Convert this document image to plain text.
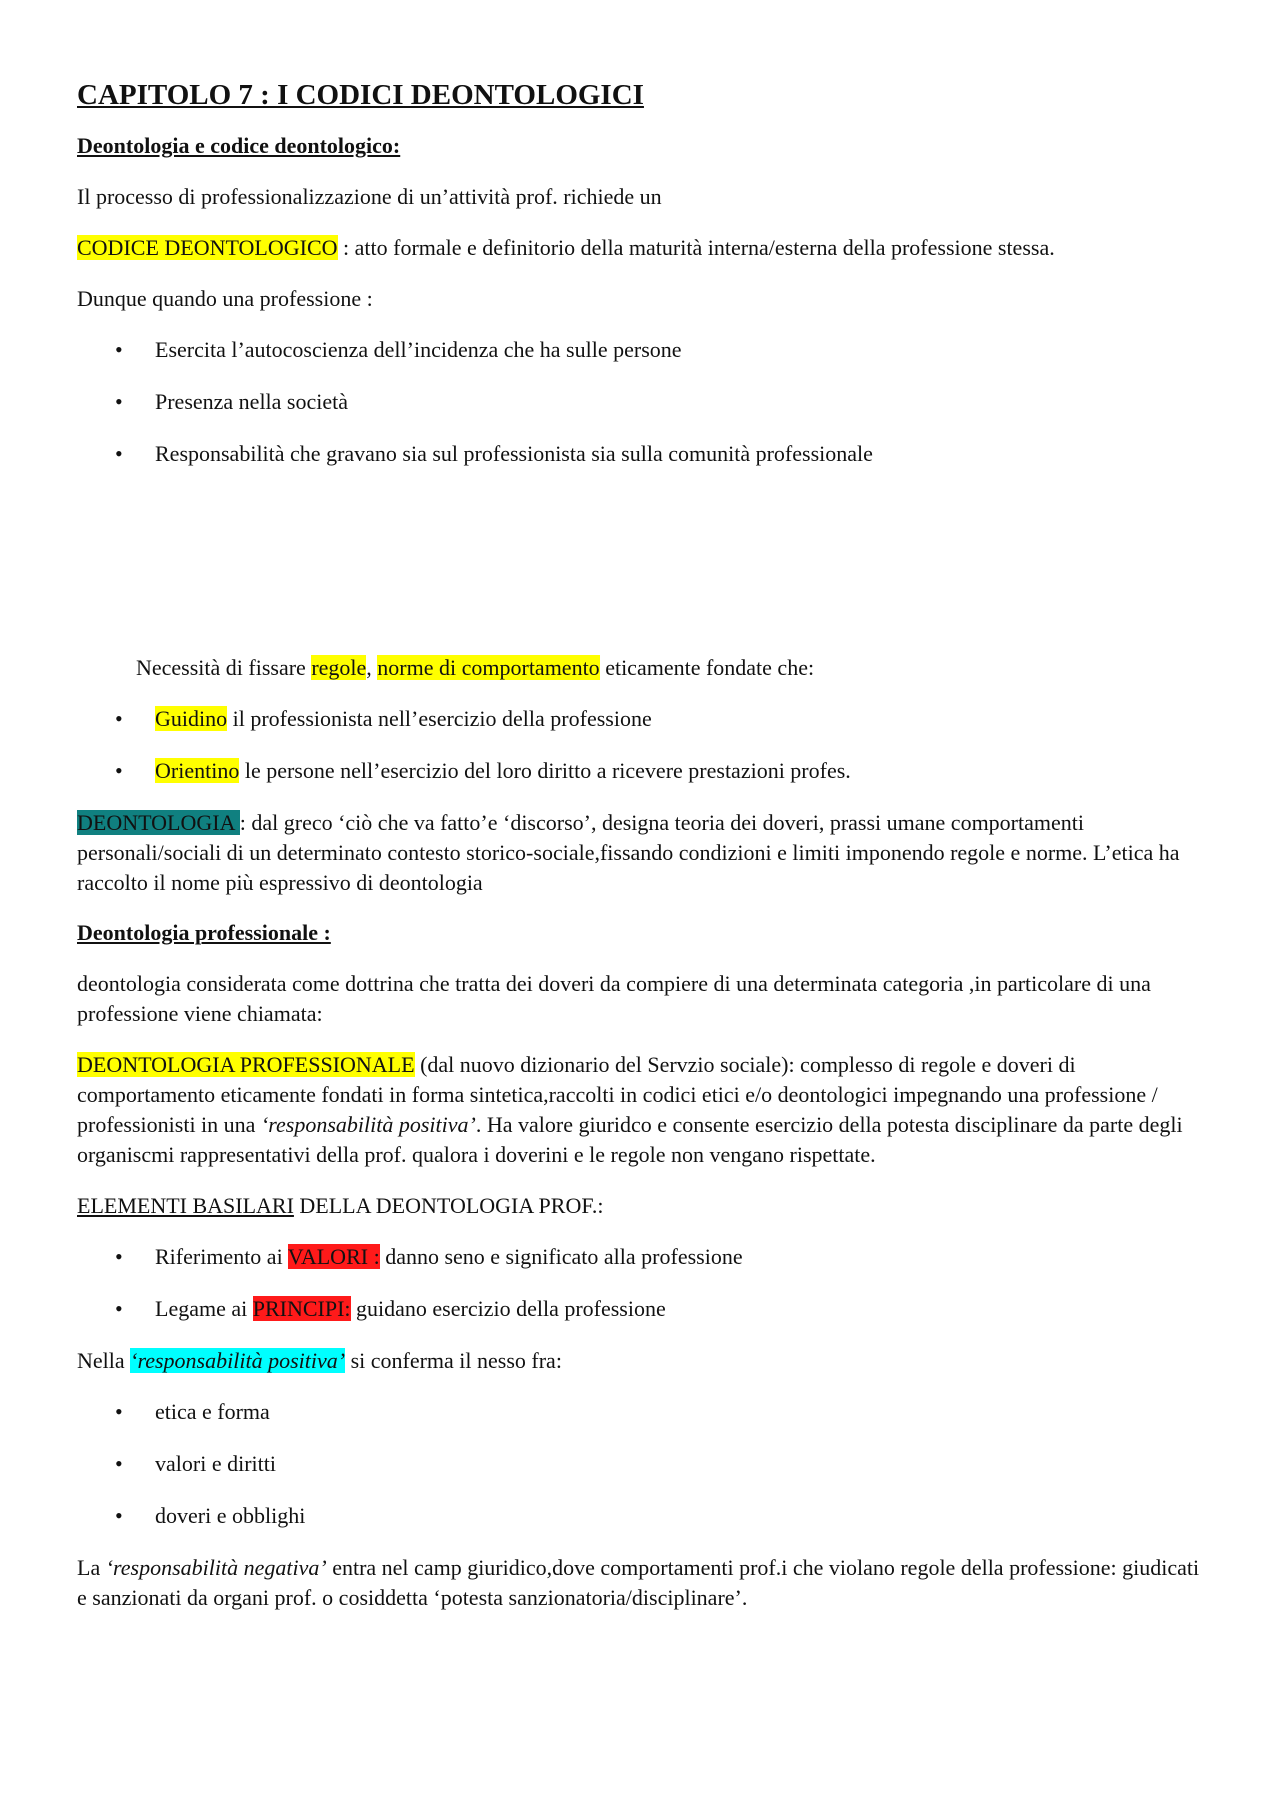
CAPITOLO 7 : I CODICI DEONTOLOGICI
Deontologia e codice deontologico:

Il processo di professionalizzazione di un’attività prof. richiede un

CODICE DEONTOLOGICO : atto formale e definitorio della maturità interna/esterna della professione stessa.

Dunque quando una professione :

• Esercita l’autocoscienza dell’incidenza che ha sulle persone
• Presenza nella società
• Responsabilità che gravano sia sul professionista sia sulla comunità professionale

Necessità di fissare regole, norme di comportamento eticamente fondate che:

• Guidino il professionista nell’esercizio della professione
• Orientino le persone nell’esercizio del loro diritto a ricevere prestazioni profes.

DEONTOLOGIA : dal greco ‘ciò che va fatto’e ‘discorso’, designa teoria dei doveri, prassi umane comportamenti personali/sociali di un determinato contesto storico-sociale,fissando condizioni e limiti imponendo regole e norme. L’etica ha raccolto il nome più espressivo di deontologia

Deontologia professionale :

deontologia considerata come dottrina che tratta dei doveri da compiere di una determinata categoria ,in particolare di una professione viene chiamata:

DEONTOLOGIA PROFESSIONALE (dal nuovo dizionario del Servzio sociale): complesso di regole e doveri di comportamento eticamente fondati in forma sintetica,raccolti in codici etici e/o deontologici impegnando una professione / professionisti in una ‘responsabilità positiva’. Ha valore giuridco e consente esercizio della potesta disciplinare da parte degli organiscmi rappresentativi della prof. qualora i doverini e le regole non vengano rispettate.

ELEMENTI BASILARI DELLA DEONTOLOGIA PROF.:

• Riferimento ai VALORI : danno seno e significato alla professione
• Legame ai PRINCIPI: guidano esercizio della professione

Nella ‘responsabilità positiva’ si conferma il nesso fra:

• etica e forma
• valori e diritti
• doveri e obblighi

La ‘responsabilità negativa’ entra nel camp giuridico,dove comportamenti prof.i che violano regole della professione: giudicati e sanzionati da organi prof. o cosiddetta ‘potesta sanzionatoria/disciplinare’.
